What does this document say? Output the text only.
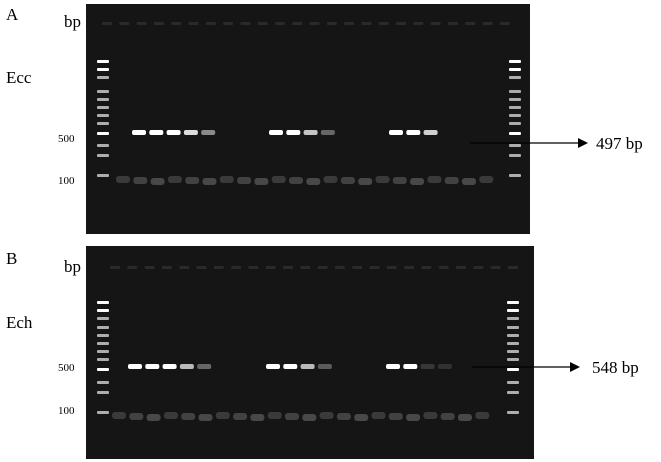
A	bp
Ecc
500
100
497 bp
B	bp
Ech
500
100
548 bp
